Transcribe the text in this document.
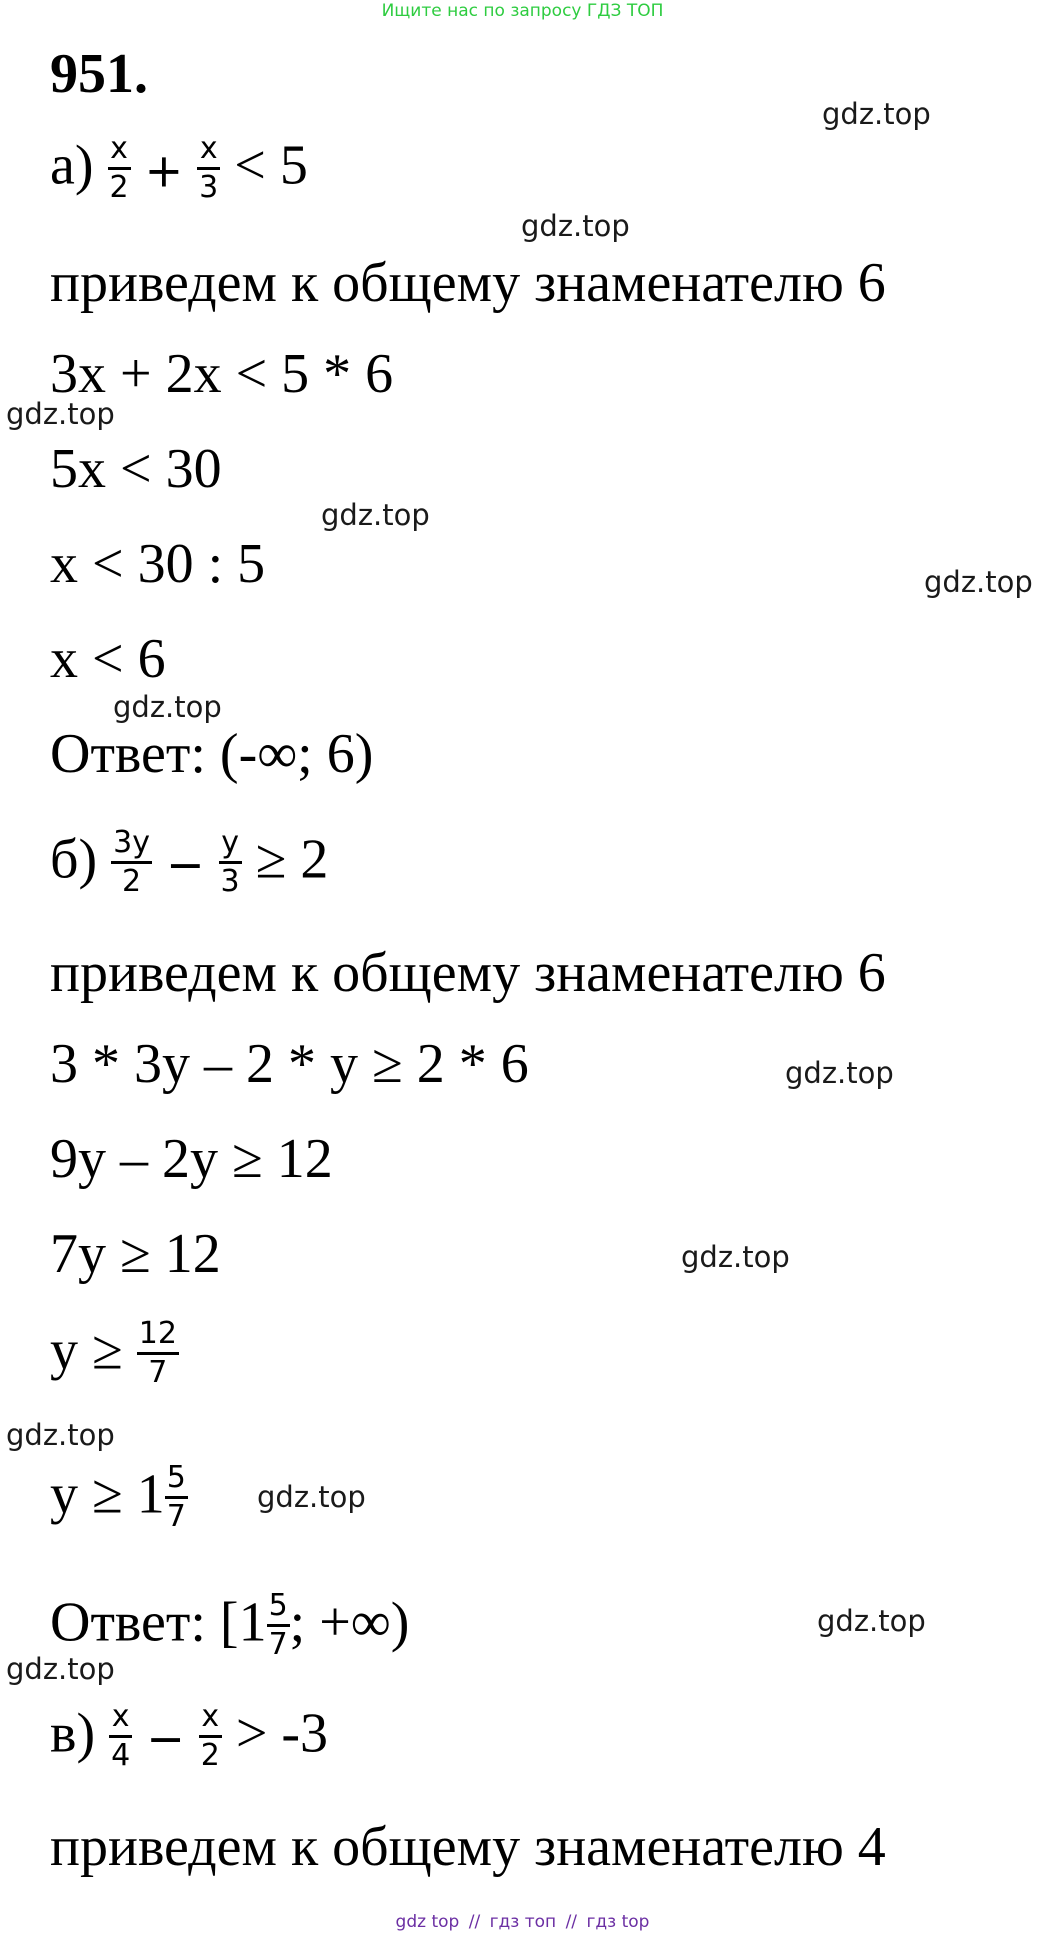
Ищите нас по запросу ГДЗ ТОП
951.
$а) \frac{x}{2} + \frac{x}{3} < 5$
приведем к общему знаменателю 6
3x + 2x < 5 * 6
5x < 30
x < 30 : 5
x < 6
Ответ: (-∞; 6)
$б) \frac{3y}{2} - \frac{y}{3} \ge 2$
приведем к общему знаменателю 6
3 * 3y – 2 * y ≥ 2 * 6
9y – 2y ≥ 12
7y ≥ 12
$y \ge \frac{12}{7}$
$y \ge 1 \frac{5}{7}$
Ответ: [$1 \frac{5}{7}$ ; +∞)
$в) \frac{x}{4} - \frac{x}{2} > -3$
приведем к общему знаменателю 4
gdz.top
gdz.top
gdz.top
gdz.top
gdz.top
gdz.top
gdz.top
gdz.top
gdz.top
gdz.top
gdz.top
gdz.top
gdz top // гдз топ // гдз top
